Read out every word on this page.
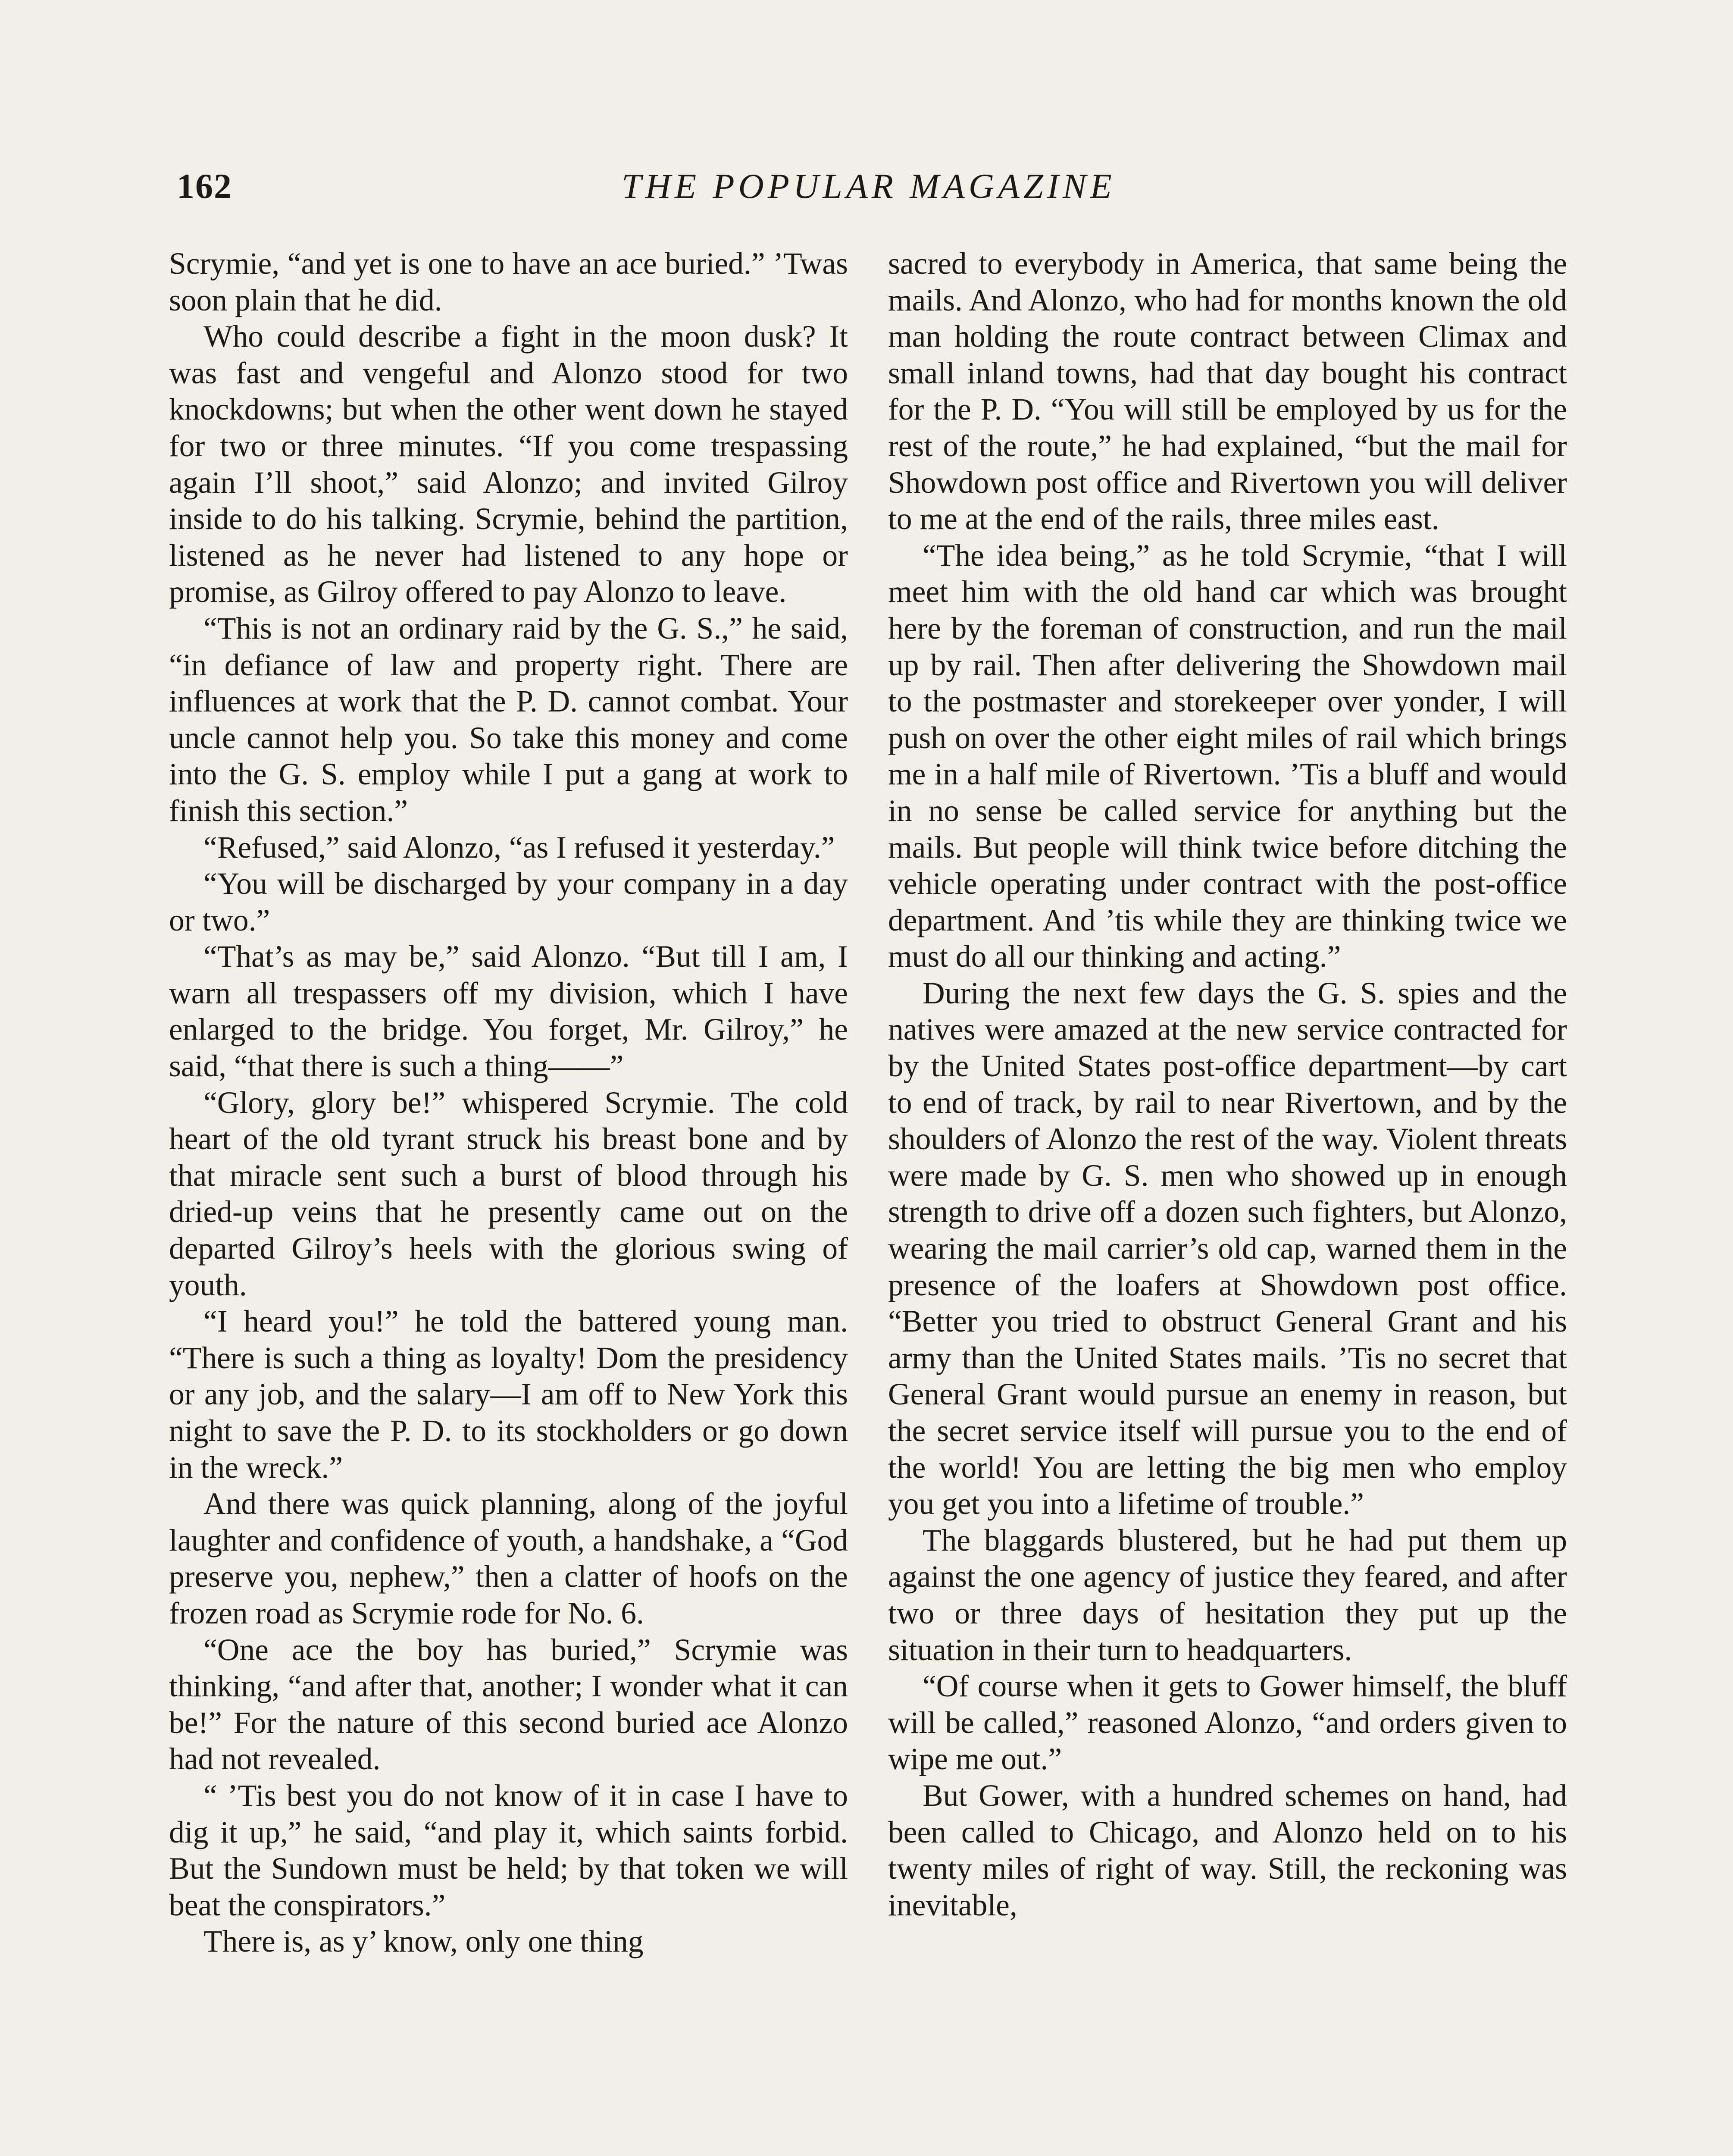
162	THE POPULAR MAGAZINE

Scrymie, “and yet is one to have an ace buried.” ’Twas soon plain that he did.

Who could describe a fight in the moon dusk? It was fast and vengeful and Alonzo stood for two knockdowns; but when the other went down he stayed for two or three minutes. “If you come trespassing again I’ll shoot,” said Alonzo; and invited Gilroy inside to do his talking. Scrymie, behind the partition, listened as he never had listened to any hope or promise, as Gilroy offered to pay Alonzo to leave.

“This is not an ordinary raid by the G. S.,” he said, “in defiance of law and property right. There are influences at work that the P. D. cannot combat. Your uncle cannot help you. So take this money and come into the G. S. employ while I put a gang at work to finish this section.”

“Refused,” said Alonzo, “as I refused it yesterday.”

“You will be discharged by your company in a day or two.”

“That’s as may be,” said Alonzo. “But till I am, I warn all trespassers off my division, which I have enlarged to the bridge. You forget, Mr. Gilroy,” he said, “that there is such a thing——”

“Glory, glory be!” whispered Scrymie. The cold heart of the old tyrant struck his breast bone and by that miracle sent such a burst of blood through his dried-up veins that he presently came out on the departed Gilroy’s heels with the glorious swing of youth.

“I heard you!” he told the battered young man. “There is such a thing as loyalty! Dom the presidency or any job, and the salary—I am off to New York this night to save the P. D. to its stockholders or go down in the wreck.”

And there was quick planning, along of the joyful laughter and confidence of youth, a handshake, a “God preserve you, nephew,” then a clatter of hoofs on the frozen road as Scrymie rode for No. 6.

“One ace the boy has buried,” Scrymie was thinking, “and after that, another; I wonder what it can be!” For the nature of this second buried ace Alonzo had not revealed.

“ ’Tis best you do not know of it in case I have to dig it up,” he said, “and play it, which saints forbid. But the Sundown must be held; by that token we will beat the conspirators.”

There is, as y’ know, only one thing

sacred to everybody in America, that same being the mails. And Alonzo, who had for months known the old man holding the route contract between Climax and small inland towns, had that day bought his contract for the P. D. “You will still be employed by us for the rest of the route,” he had explained, “but the mail for Showdown post office and Rivertown you will deliver to me at the end of the rails, three miles east.

“The idea being,” as he told Scrymie, “that I will meet him with the old hand car which was brought here by the foreman of construction, and run the mail up by rail. Then after delivering the Showdown mail to the postmaster and storekeeper over yonder, I will push on over the other eight miles of rail which brings me in a half mile of Rivertown. ’Tis a bluff and would in no sense be called service for anything but the mails. But people will think twice before ditching the vehicle operating under contract with the post-office department. And ’tis while they are thinking twice we must do all our thinking and acting.”

During the next few days the G. S. spies and the natives were amazed at the new service contracted for by the United States post-office department—by cart to end of track, by rail to near Rivertown, and by the shoulders of Alonzo the rest of the way. Violent threats were made by G. S. men who showed up in enough strength to drive off a dozen such fighters, but Alonzo, wearing the mail carrier’s old cap, warned them in the presence of the loafers at Showdown post office. “Better you tried to obstruct General Grant and his army than the United States mails. ’Tis no secret that General Grant would pursue an enemy in reason, but the secret service itself will pursue you to the end of the world! You are letting the big men who employ you get you into a lifetime of trouble.”

The blaggards blustered, but he had put them up against the one agency of justice they feared, and after two or three days of hesitation they put up the situation in their turn to headquarters.

“Of course when it gets to Gower himself, the bluff will be called,” reasoned Alonzo, “and orders given to wipe me out.”

But Gower, with a hundred schemes on hand, had been called to Chicago, and Alonzo held on to his twenty miles of right of way. Still, the reckoning was inevitable,
